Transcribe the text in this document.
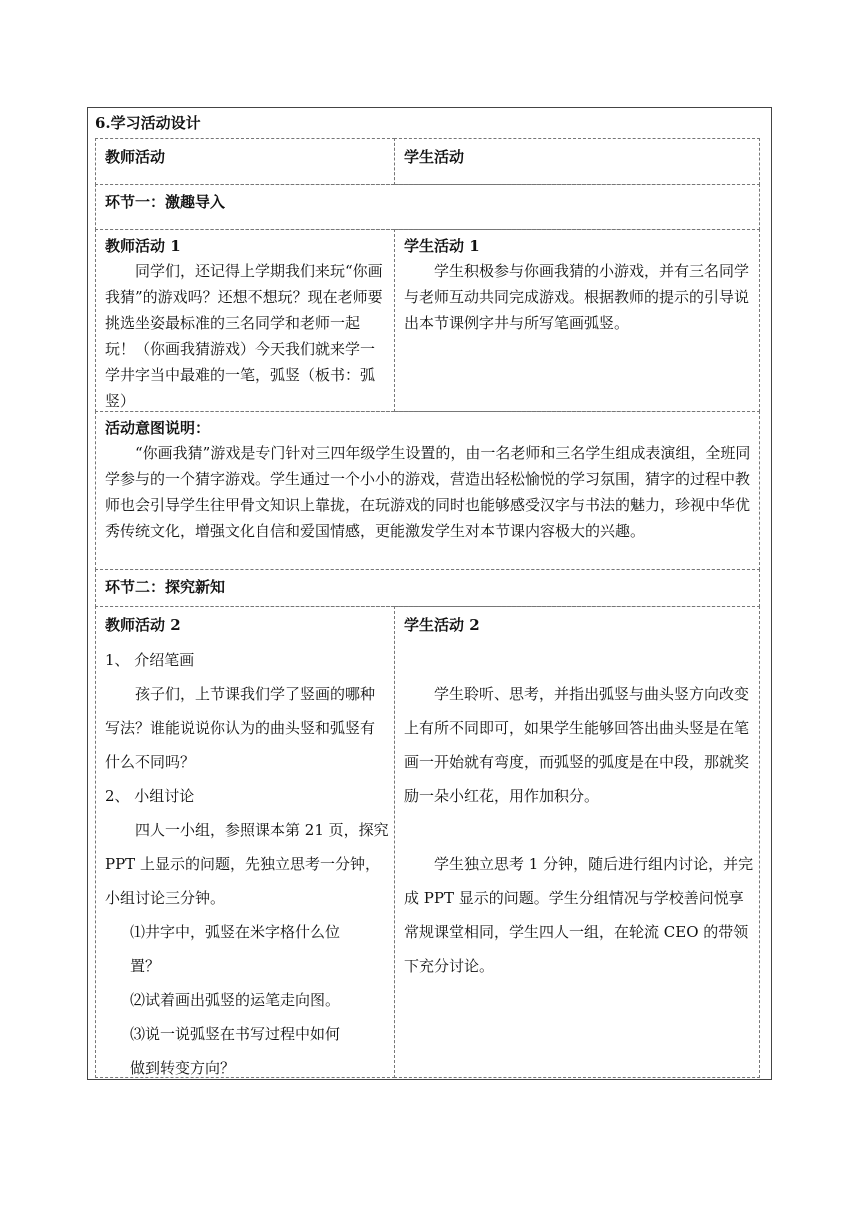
6.学习活动设计
教师活动	学生活动
环节一：激趣导入
教师活动 1
同学们，还记得上学期我们来玩“你画我猜”的游戏吗？还想不想玩？现在老师要挑选坐姿最标准的三名同学和老师一起玩！（你画我猜游戏）今天我们就来学一学井字当中最难的一笔，弧竖（板书：弧竖）
学生活动 1
学生积极参与你画我猜的小游戏，并有三名同学与老师互动共同完成游戏。根据教师的提示的引导说出本节课例字井与所写笔画弧竖。
活动意图说明：
“你画我猜”游戏是专门针对三四年级学生设置的，由一名老师和三名学生组成表演组，全班同学参与的一个猜字游戏。学生通过一个小小的游戏，营造出轻松愉悦的学习氛围，猜字的过程中教师也会引导学生往甲骨文知识上靠拢，在玩游戏的同时也能够感受汉字与书法的魅力，珍视中华优秀传统文化，增强文化自信和爱国情感，更能激发学生对本节课内容极大的兴趣。
环节二：探究新知
教师活动 2
1、 介绍笔画
孩子们，上节课我们学了竖画的哪种写法？谁能说说你认为的曲头竖和弧竖有什么不同吗？
2、 小组讨论
四人一小组，参照课本第 21 页，探究 PPT 上显示的问题，先独立思考一分钟，小组讨论三分钟。
⑴井字中，弧竖在米字格什么位
置？
⑵试着画出弧竖的运笔走向图。
⑶说一说弧竖在书写过程中如何
做到转变方向？
学生活动 2
学生聆听、思考，并指出弧竖与曲头竖方向改变上有所不同即可，如果学生能够回答出曲头竖是在笔画一开始就有弯度，而弧竖的弧度是在中段，那就奖励一朵小红花，用作加积分。
学生独立思考 1 分钟，随后进行组内讨论，并完成 PPT 显示的问题。学生分组情况与学校善问悦享常规课堂相同，学生四人一组，在轮流 CEO 的带领下充分讨论。
